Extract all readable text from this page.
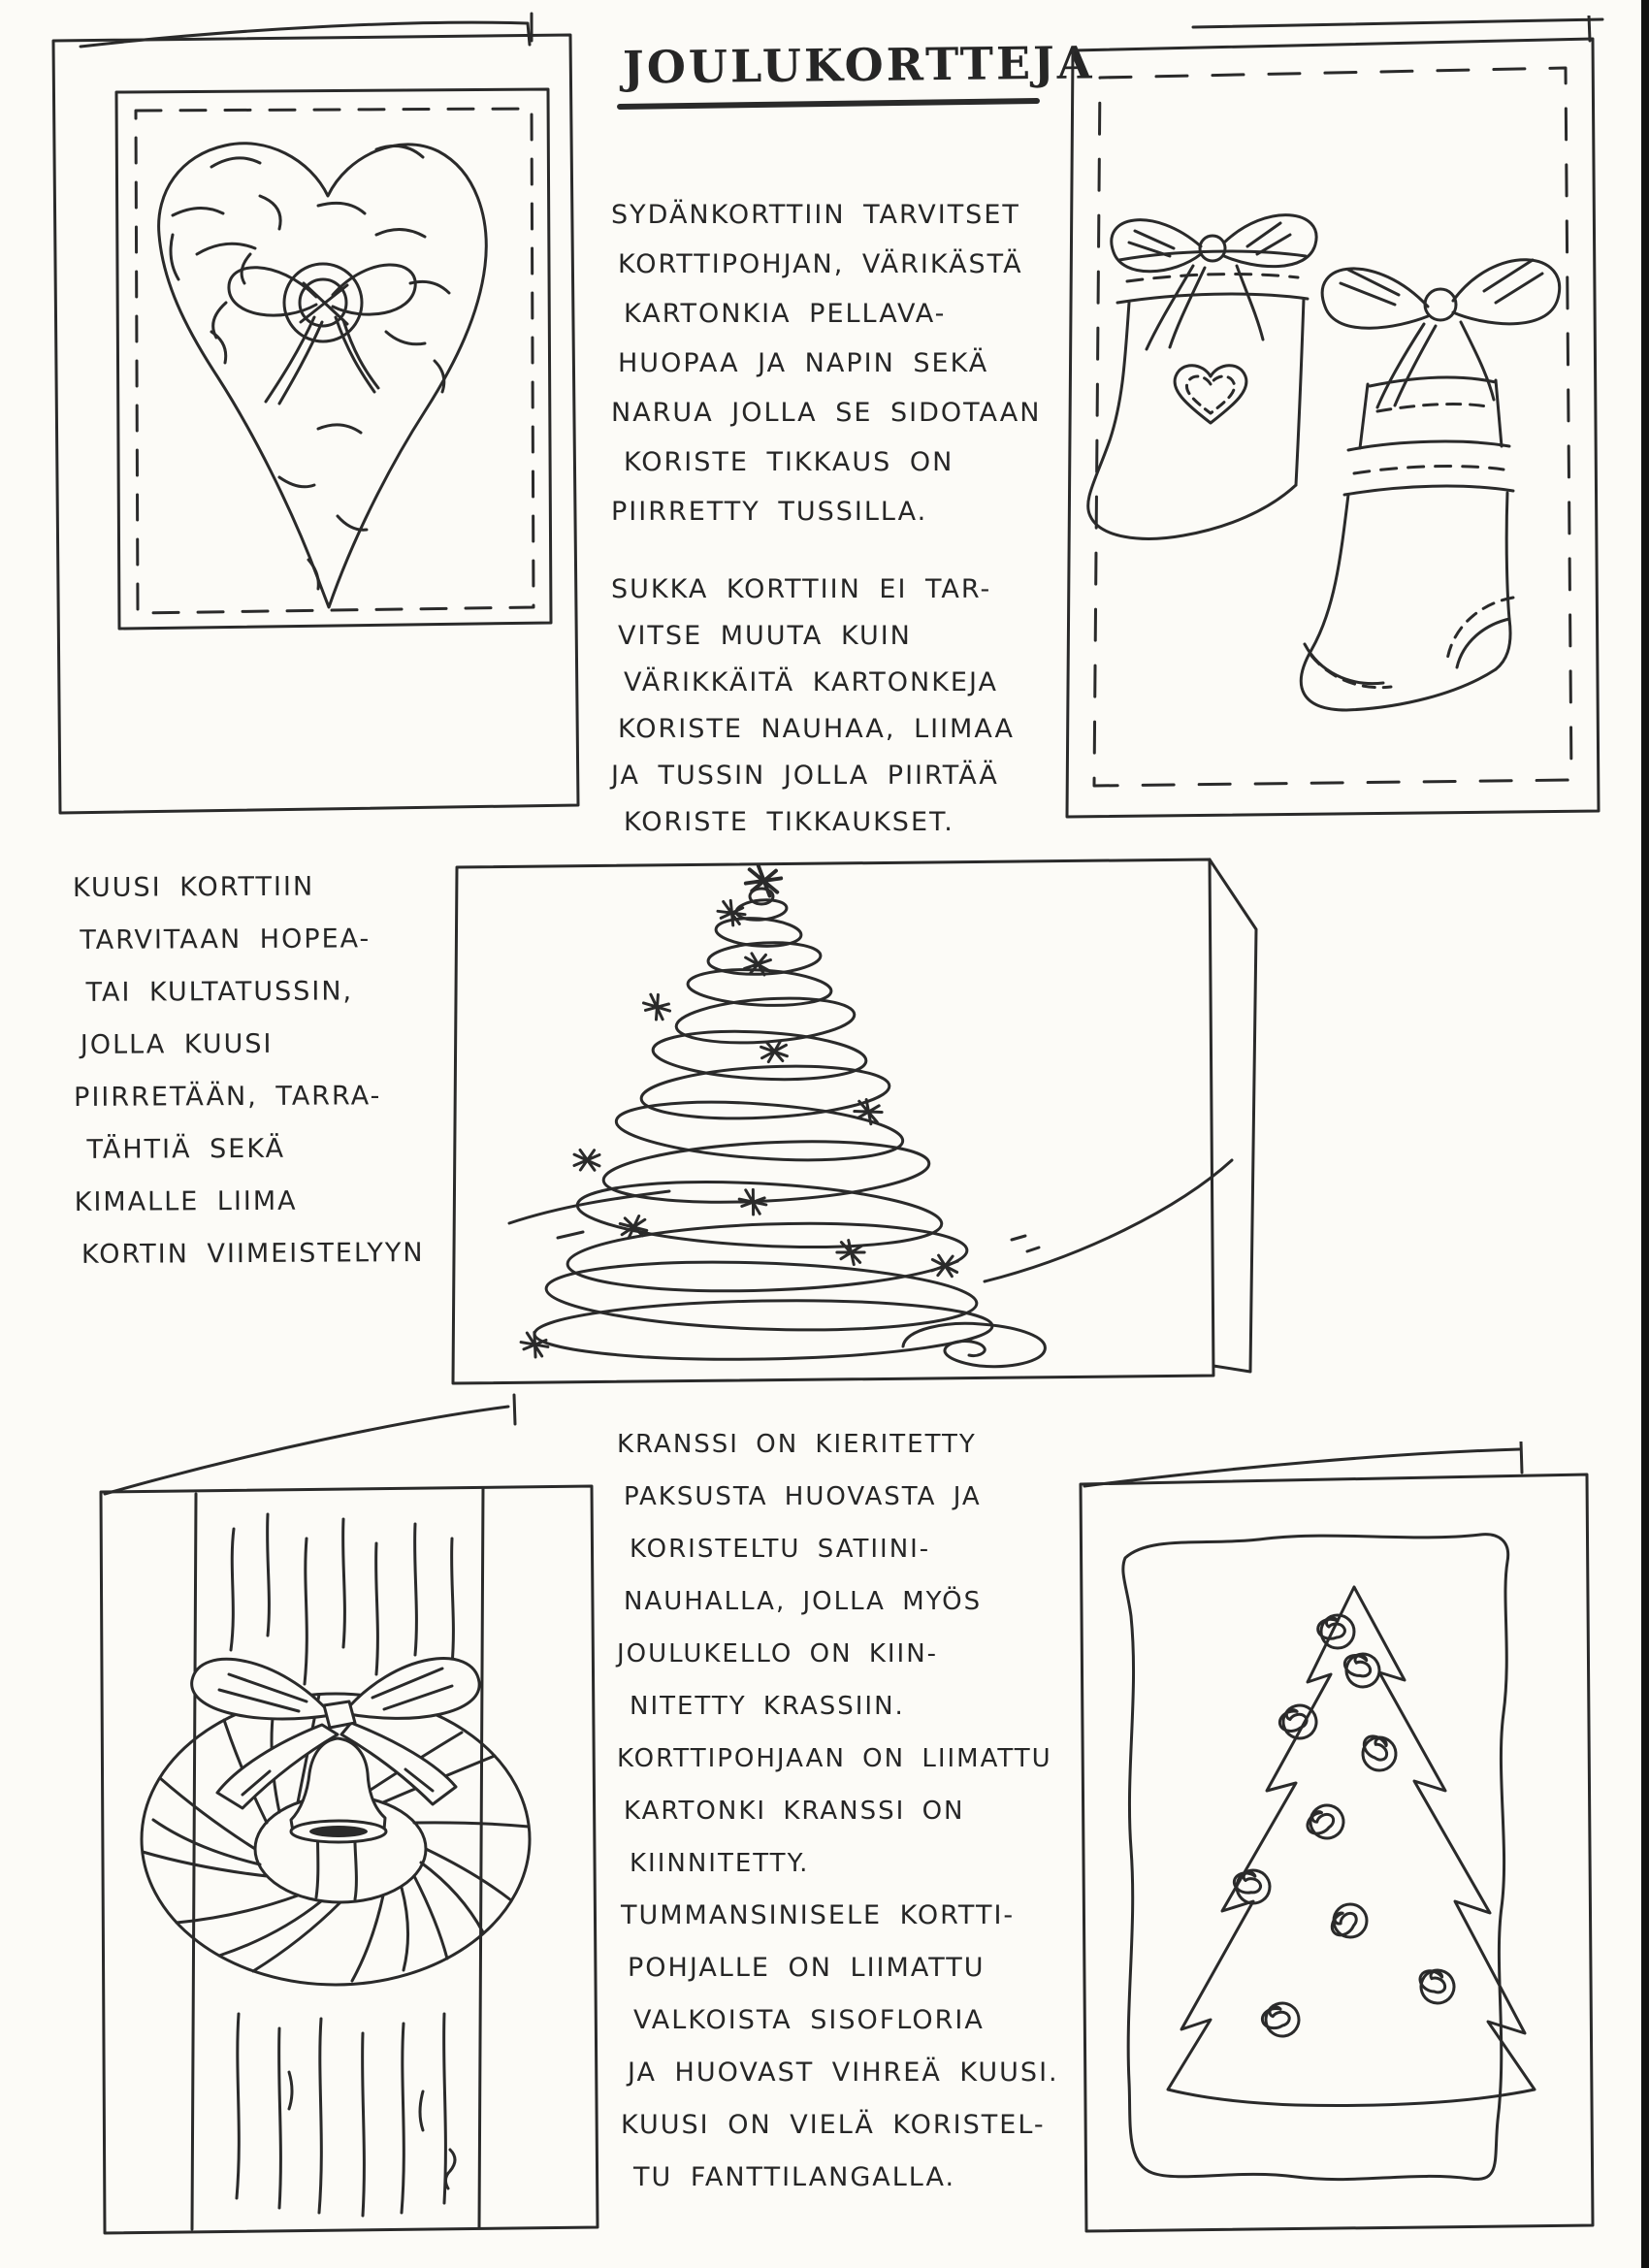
JOULUKORTTEJA
SYDÄNKORTTIIN TARVITSET
KORTTIPOHJAN, VÄRIKÄSTÄ
KARTONKIA PELLAVA-
HUOPAA JA NAPIN SEKÄ
NARUA JOLLA SE SIDOTAAN
KORISTE TIKKAUS ON
PIIRRETTY TUSSILLA.
SUKKA KORTTIIN EI TAR-
VITSE MUUTA KUIN
VÄRIKKÄITÄ KARTONKEJA
KORISTE NAUHAA, LIIMAA
JA TUSSIN JOLLA PIIRTÄÄ
KORISTE TIKKAUKSET.
KUUSI KORTTIIN
TARVITAAN HOPEA-
TAI KULTATUSSIN,
JOLLA KUUSI
PIIRRETÄÄN, TARRA-
TÄHTIÄ SEKÄ
KIMALLE LIIMA
KORTIN VIIMEISTELYYN
KRANSSI ON KIERITETTY
PAKSUSTA HUOVASTA JA
KORISTELTU SATIINI-
NAUHALLA, JOLLA MYÖS
JOULUKELLO ON KIIN-
NITETTY KRASSIIN.
KORTTIPOHJAAN ON LIIMATTU
KARTONKI KRANSSI ON
KIINNITETTY.
TUMMANSINISELE KORTTI-
POHJALLE ON LIIMATTU
VALKOISTA SISOFLORIA
JA HUOVAST VIHREÄ KUUSI.
KUUSI ON VIELÄ KORISTEL-
TU FANTTILANGALLA.
